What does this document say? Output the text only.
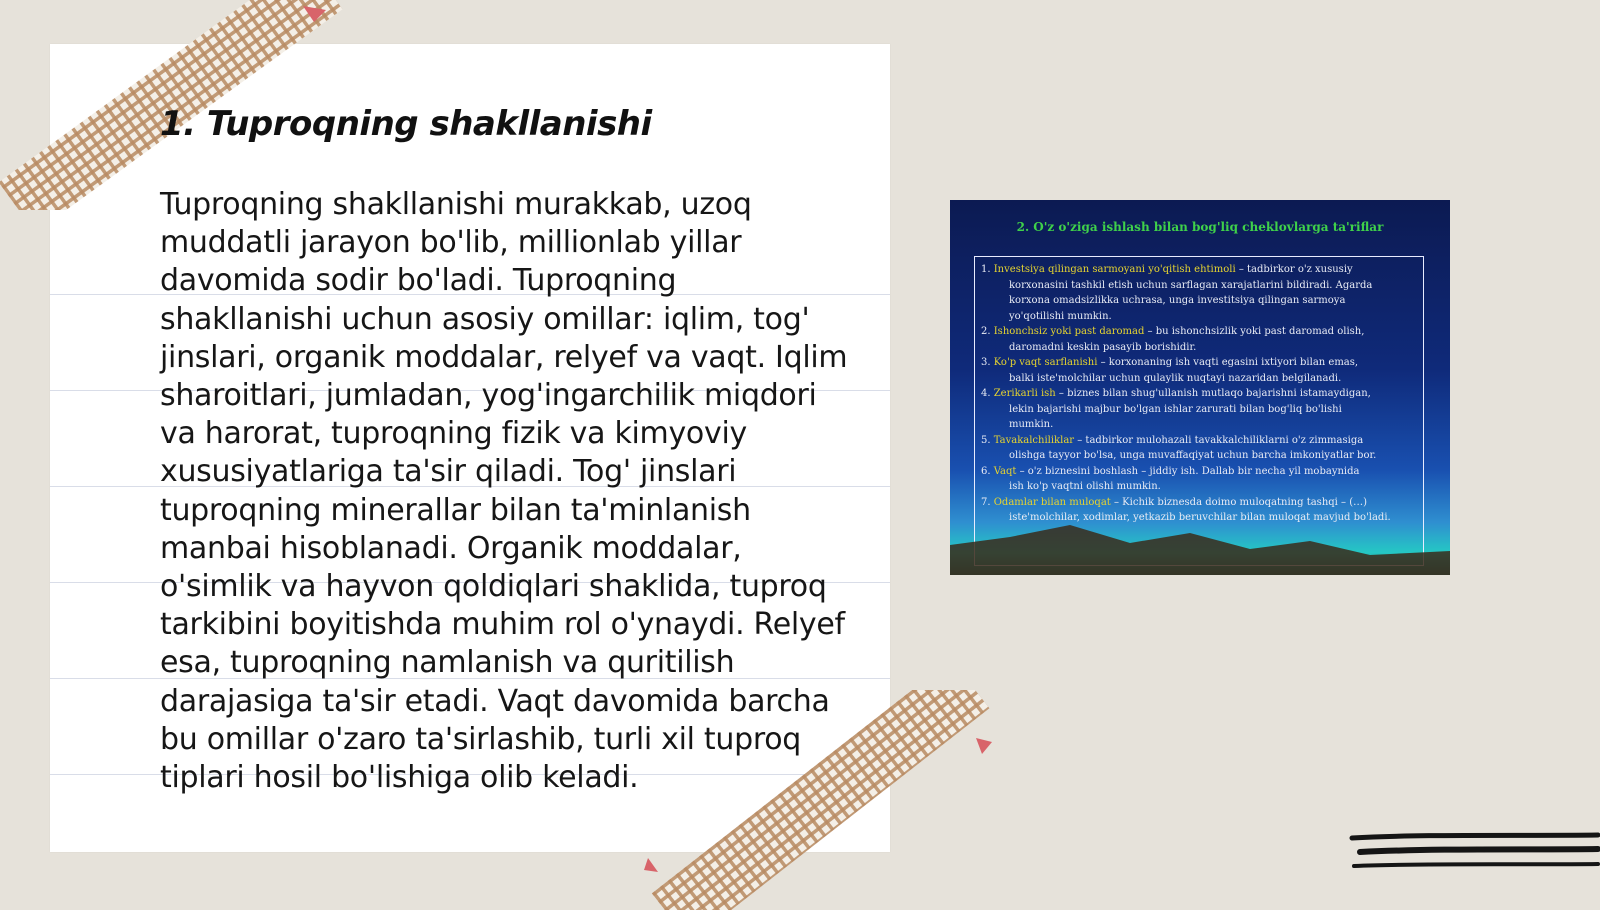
1. Tuproqning shakllanishi

Tuproqning shakllanishi murakkab, uzoq muddatli jarayon bo'lib, millionlab yillar davomida sodir bo'ladi. Tuproqning shakllanishi uchun asosiy omillar: iqlim, tog' jinslari, organik moddalar, relyef va vaqt. Iqlim sharoitlari, jumladan, yog'ingarchilik miqdori va harorat, tuproqning fizik va kimyoviy xususiyatlariga ta'sir qiladi. Tog' jinslari tuproqning minerallar bilan ta'minlanish manbai hisoblanadi. Organik moddalar, o'simlik va hayvon qoldiqlari shaklida, tuproq tarkibini boyitishda muhim rol o'ynaydi. Relyef esa, tuproqning namlanish va quritilish darajasiga ta'sir etadi. Vaqt davomida barcha bu omillar o'zaro ta'sirlashib, turli xil tuproq tiplari hosil bo'lishiga olib keladi.

2. O'z o'ziga ishlash bilan bog'liq cheklovlarga ta'riflar
1. Investsiya qilingan sarmoyani yo'qitish ehtimoli – tadbirkor o'z xususiy
korxonasini tashkil etish uchun sarflagan xarajatlarini bildiradi. Agarda
korxona omadsizlikka uchrasa, unga investitsiya qilingan sarmoya
yo'qotilishi mumkin.
2. Ishonchsiz yoki past daromad – bu ishonchsizlik yoki past daromad olish,
daromadni keskin pasayib borishidir.
3. Ko'p vaqt sarflanishi – korxonaning ish vaqti egasini ixtiyori bilan emas,
balki iste'molchilar uchun qulaylik nuqtayi nazaridan belgilanadi.
4. Zerikarli ish – biznes bilan shug'ullanish mutlaqo bajarishni istamaydigan,
lekin bajarishi majbur bo'lgan ishlar zarurati bilan bog'liq bo'lishi
mumkin.
5. Tavakalchiliklar – tadbirkor mulohazali tavakkalchiliklarni o'z zimmasiga
olishga tayyor bo'lsa, unga muvaffaqiyat uchun barcha imkoniyatlar bor.
6. Vaqt – o'z biznesini boshlash – jiddiy ish. Dallab bir necha yil mobaynida
ish ko'p vaqtni olishi mumkin.
7. Odamlar bilan muloqat – Kichik biznesda doimo muloqatning tashqi – (…)
iste'molchilar, xodimlar, yetkazib beruvchilar bilan muloqat mavjud bo'ladi.
